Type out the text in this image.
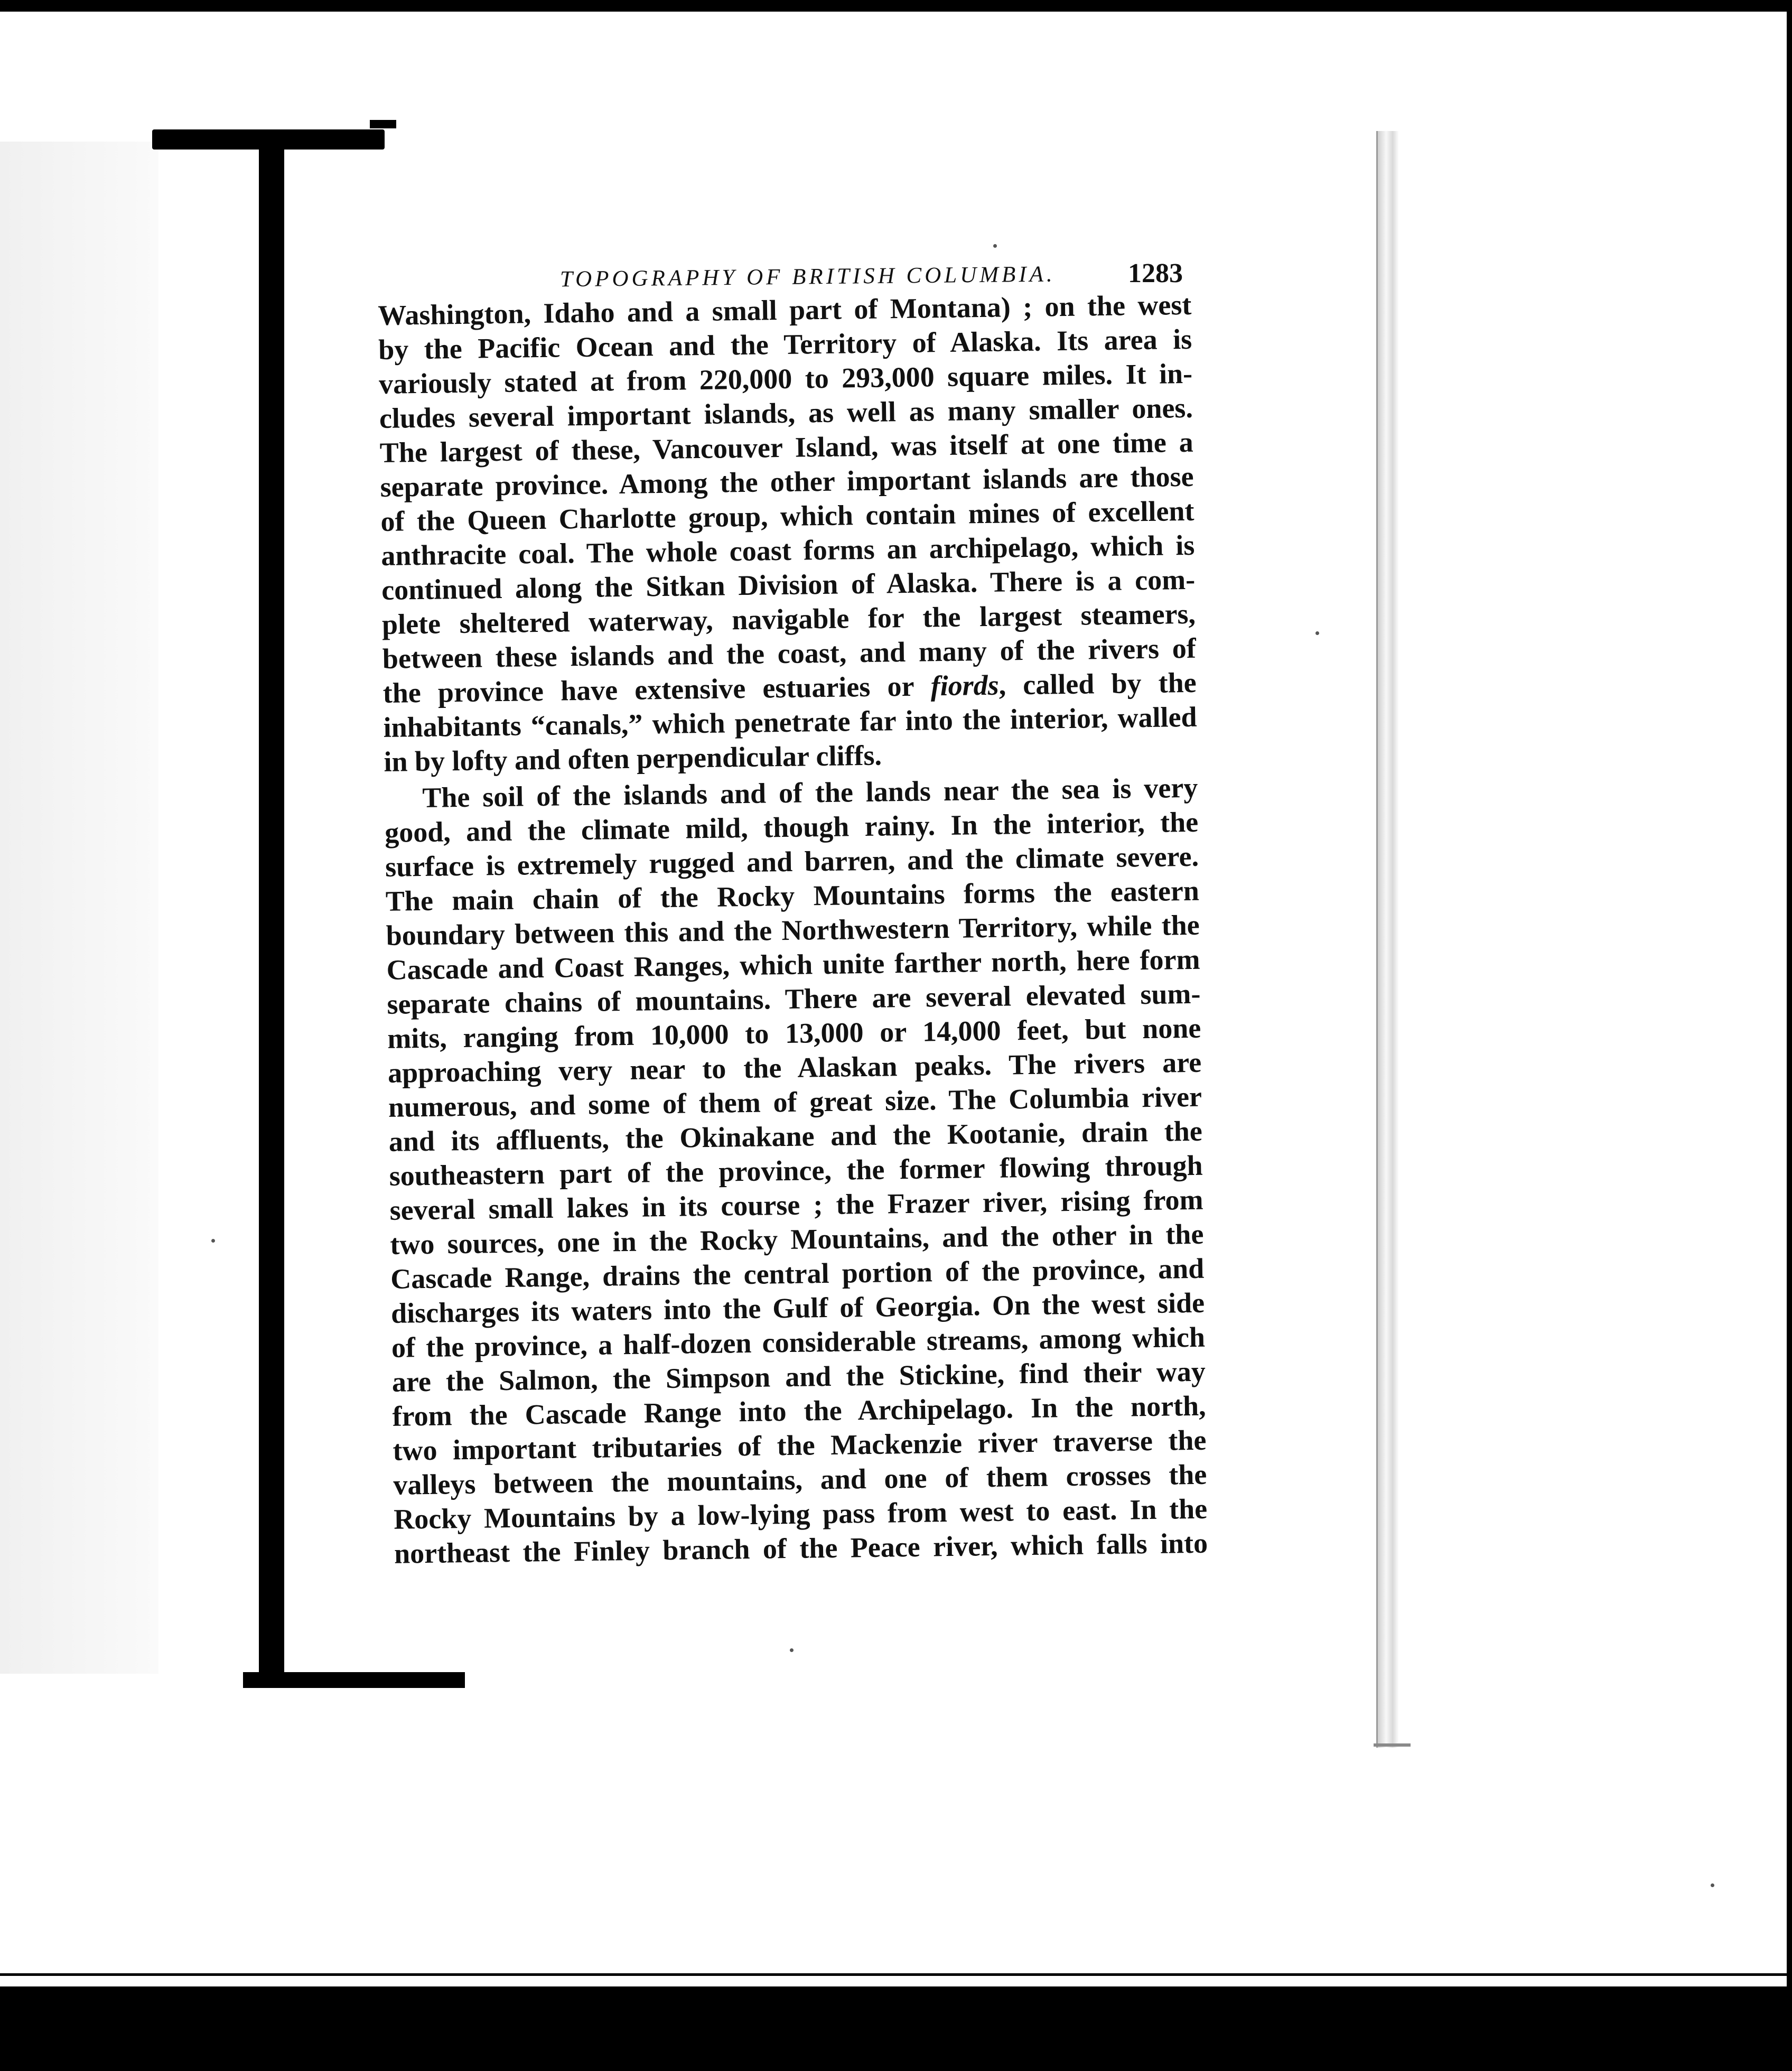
TOPOGRAPHY OF BRITISH COLUMBIA.	1283
Washington, Idaho and a small part of Montana) ; on the west
by the Pacific Ocean and the Territory of Alaska. Its area is
variously stated at from 220,000 to 293,000 square miles. It in-
cludes several important islands, as well as many smaller ones.
The largest of these, Vancouver Island, was itself at one time a
separate province. Among the other important islands are those
of the Queen Charlotte group, which contain mines of excellent
anthracite coal. The whole coast forms an archipelago, which is
continued along the Sitkan Division of Alaska. There is a com-
plete sheltered waterway, navigable for the largest steamers,
between these islands and the coast, and many of the rivers of
the province have extensive estuaries or fiords, called by the
inhabitants “canals,” which penetrate far into the interior, walled
in by lofty and often perpendicular cliffs.
The soil of the islands and of the lands near the sea is very
good, and the climate mild, though rainy. In the interior, the
surface is extremely rugged and barren, and the climate severe.
The main chain of the Rocky Mountains forms the eastern
boundary between this and the Northwestern Territory, while the
Cascade and Coast Ranges, which unite farther north, here form
separate chains of mountains. There are several elevated sum-
mits, ranging from 10,000 to 13,000 or 14,000 feet, but none
approaching very near to the Alaskan peaks. The rivers are
numerous, and some of them of great size. The Columbia river
and its affluents, the Okinakane and the Kootanie, drain the
southeastern part of the province, the former flowing through
several small lakes in its course ; the Frazer river, rising from
two sources, one in the Rocky Mountains, and the other in the
Cascade Range, drains the central portion of the province, and
discharges its waters into the Gulf of Georgia. On the west side
of the province, a half-dozen considerable streams, among which
are the Salmon, the Simpson and the Stickine, find their way
from the Cascade Range into the Archipelago. In the north,
two important tributaries of the Mackenzie river traverse the
valleys between the mountains, and one of them crosses the
Rocky Mountains by a low-lying pass from west to east. In the
northeast the Finley branch of the Peace river, which falls into
